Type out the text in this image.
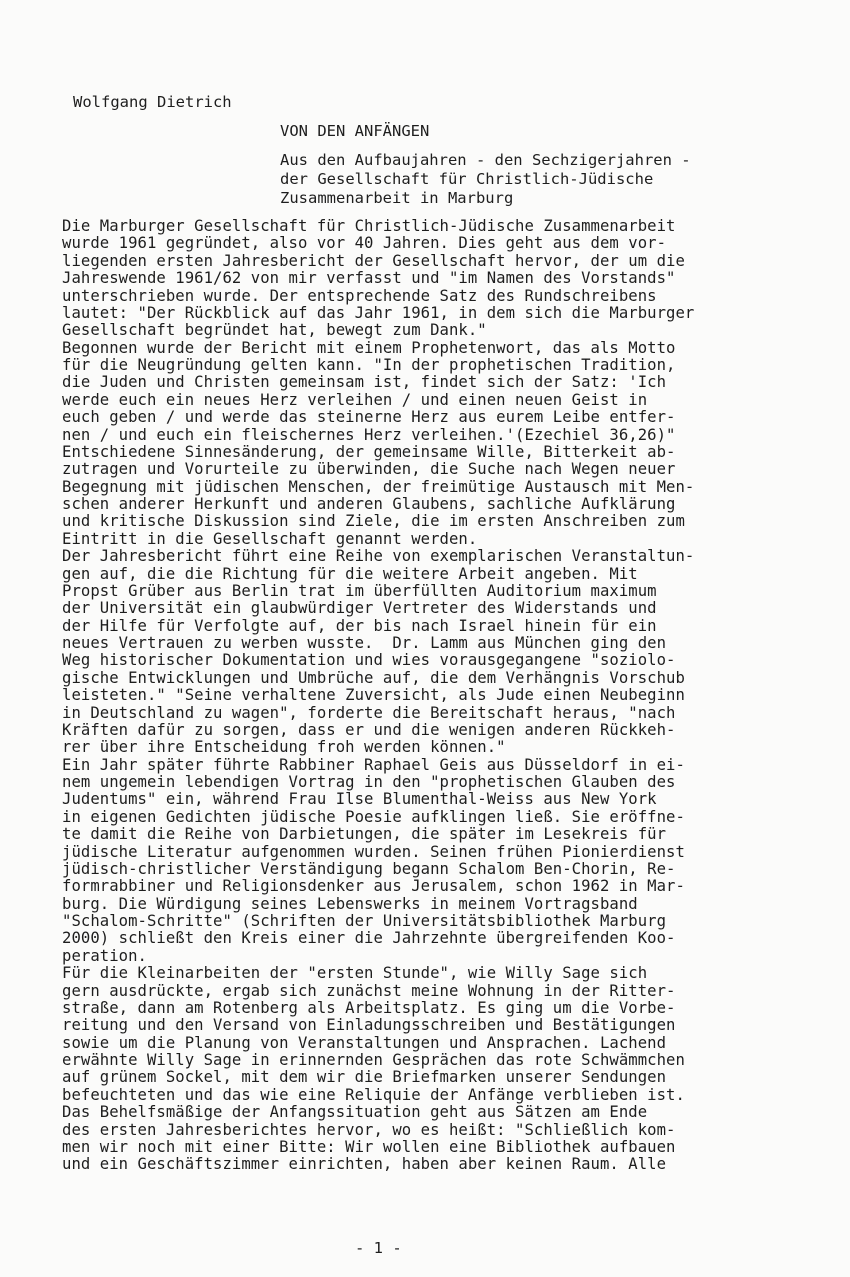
Wolfgang Dietrich
VON DEN ANFÄNGEN
Aus den Aufbaujahren - den Sechzigerjahren -
der Gesellschaft für Christlich-Jüdische
Zusammenarbeit in Marburg
Die Marburger Gesellschaft für Christlich-Jüdische Zusammenarbeit
wurde 1961 gegründet, also vor 40 Jahren. Dies geht aus dem vor-
liegenden ersten Jahresbericht der Gesellschaft hervor, der um die
Jahreswende 1961/62 von mir verfasst und "im Namen des Vorstands"
unterschrieben wurde. Der entsprechende Satz des Rundschreibens
lautet: "Der Rückblick auf das Jahr 1961, in dem sich die Marburger
Gesellschaft begründet hat, bewegt zum Dank."
Begonnen wurde der Bericht mit einem Prophetenwort, das als Motto
für die Neugründung gelten kann. "In der prophetischen Tradition,
die Juden und Christen gemeinsam ist, findet sich der Satz: 'Ich
werde euch ein neues Herz verleihen / und einen neuen Geist in
euch geben / und werde das steinerne Herz aus eurem Leibe entfer-
nen / und euch ein fleischernes Herz verleihen.'(Ezechiel 36,26)"
Entschiedene Sinnesänderung, der gemeinsame Wille, Bitterkeit ab-
zutragen und Vorurteile zu überwinden, die Suche nach Wegen neuer
Begegnung mit jüdischen Menschen, der freimütige Austausch mit Men-
schen anderer Herkunft und anderen Glaubens, sachliche Aufklärung
und kritische Diskussion sind Ziele, die im ersten Anschreiben zum
Eintritt in die Gesellschaft genannt werden.
Der Jahresbericht führt eine Reihe von exemplarischen Veranstaltun-
gen auf, die die Richtung für die weitere Arbeit angeben. Mit
Propst Grüber aus Berlin trat im überfüllten Auditorium maximum
der Universität ein glaubwürdiger Vertreter des Widerstands und
der Hilfe für Verfolgte auf, der bis nach Israel hinein für ein
neues Vertrauen zu werben wusste.  Dr. Lamm aus München ging den
Weg historischer Dokumentation und wies vorausgegangene "soziolo-
gische Entwicklungen und Umbrüche auf, die dem Verhängnis Vorschub
leisteten." "Seine verhaltene Zuversicht, als Jude einen Neubeginn
in Deutschland zu wagen", forderte die Bereitschaft heraus, "nach
Kräften dafür zu sorgen, dass er und die wenigen anderen Rückkeh-
rer über ihre Entscheidung froh werden können."
Ein Jahr später führte Rabbiner Raphael Geis aus Düsseldorf in ei-
nem ungemein lebendigen Vortrag in den "prophetischen Glauben des
Judentums" ein, während Frau Ilse Blumenthal-Weiss aus New York
in eigenen Gedichten jüdische Poesie aufklingen ließ. Sie eröffne-
te damit die Reihe von Darbietungen, die später im Lesekreis für
jüdische Literatur aufgenommen wurden. Seinen frühen Pionierdienst
jüdisch-christlicher Verständigung begann Schalom Ben-Chorin, Re-
formrabbiner und Religionsdenker aus Jerusalem, schon 1962 in Mar-
burg. Die Würdigung seines Lebenswerks in meinem Vortragsband
"Schalom-Schritte" (Schriften der Universitätsbibliothek Marburg
2000) schließt den Kreis einer die Jahrzehnte übergreifenden Koo-
peration.
Für die Kleinarbeiten der "ersten Stunde", wie Willy Sage sich
gern ausdrückte, ergab sich zunächst meine Wohnung in der Ritter-
straße, dann am Rotenberg als Arbeitsplatz. Es ging um die Vorbe-
reitung und den Versand von Einladungsschreiben und Bestätigungen
sowie um die Planung von Veranstaltungen und Ansprachen. Lachend
erwähnte Willy Sage in erinnernden Gesprächen das rote Schwämmchen
auf grünem Sockel, mit dem wir die Briefmarken unserer Sendungen
befeuchteten und das wie eine Reliquie der Anfänge verblieben ist.
Das Behelfsmäßige der Anfangssituation geht aus Sätzen am Ende
des ersten Jahresberichtes hervor, wo es heißt: "Schließlich kom-
men wir noch mit einer Bitte: Wir wollen eine Bibliothek aufbauen
und ein Geschäftszimmer einrichten, haben aber keinen Raum. Alle
- 1 -
